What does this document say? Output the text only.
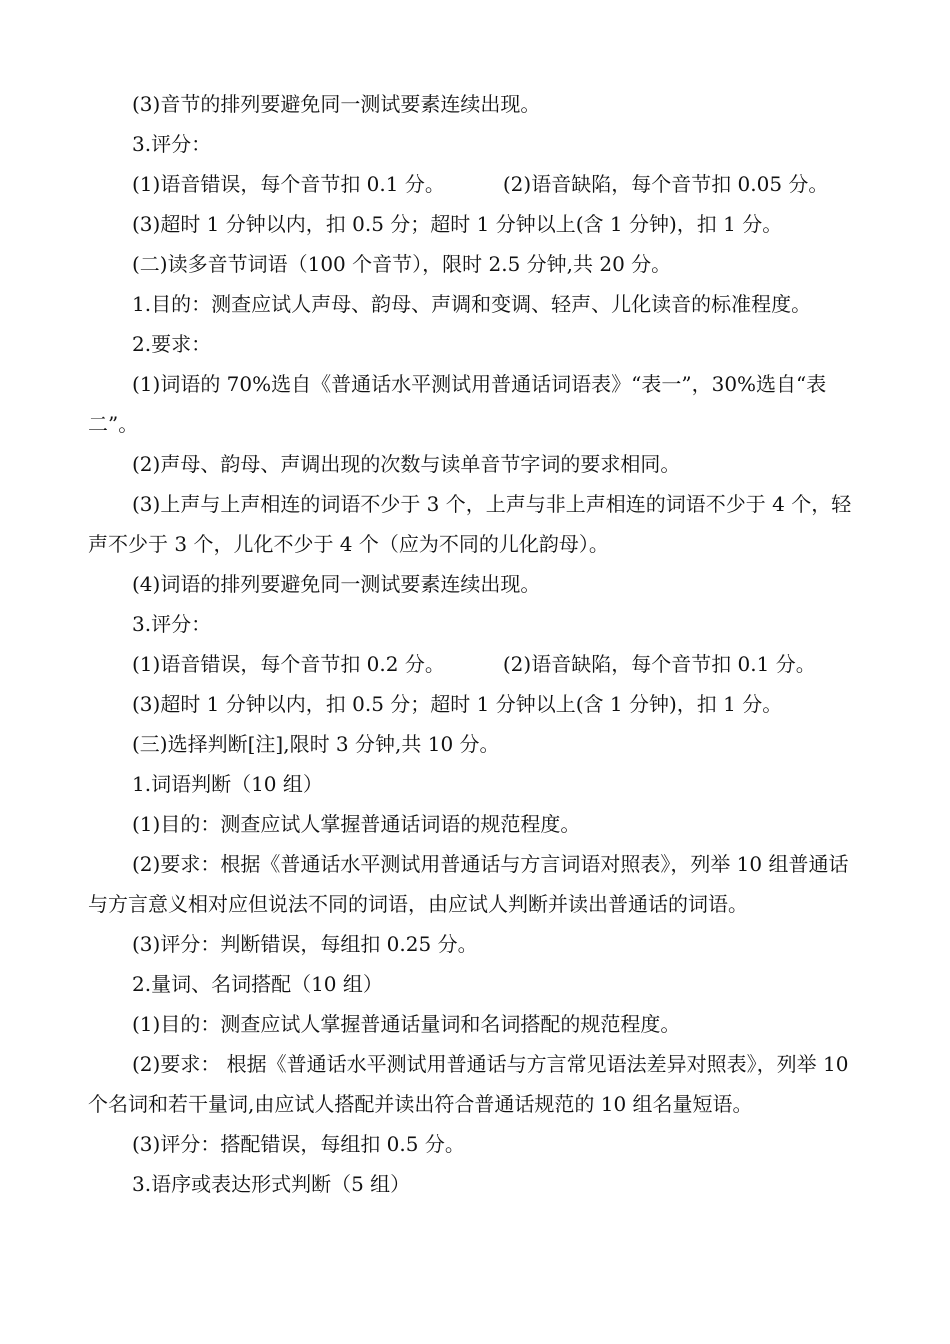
(3)音节的排列要避免同一测试要素连续出现。

3.评分：

(1)语音错误，每个音节扣 0.1 分。	(2)语音缺陷，每个音节扣 0.05 分。

(3)超时 1 分钟以内，扣 0.5 分；超时 1 分钟以上(含 1 分钟)，扣 1 分。

(二)读多音节词语（100 个音节），限时 2.5 分钟,共 20 分。

1.目的：测查应试人声母、韵母、声调和变调、轻声、儿化读音的标准程度。

2.要求：

(1)词语的 70%选自《普通话水平测试用普通话词语表》“表一”，30%选自“表二”。

(2)声母、韵母、声调出现的次数与读单音节字词的要求相同。

(3)上声与上声相连的词语不少于 3 个，上声与非上声相连的词语不少于 4 个，轻声不少于 3 个，儿化不少于 4 个（应为不同的儿化韵母）。

(4)词语的排列要避免同一测试要素连续出现。

3.评分：

(1)语音错误，每个音节扣 0.2 分。	(2)语音缺陷，每个音节扣 0.1 分。

(3)超时 1 分钟以内，扣 0.5 分；超时 1 分钟以上(含 1 分钟)，扣 1 分。

(三)选择判断[注],限时 3 分钟,共 10 分。

1.词语判断（10 组）

(1)目的：测查应试人掌握普通话词语的规范程度。

(2)要求：根据《普通话水平测试用普通话与方言词语对照表》，列举 10 组普通话与方言意义相对应但说法不同的词语，由应试人判断并读出普通话的词语。

(3)评分：判断错误，每组扣 0.25 分。

2.量词、名词搭配（10 组）

(1)目的：测查应试人掌握普通话量词和名词搭配的规范程度。

(2)要求： 根据《普通话水平测试用普通话与方言常见语法差异对照表》，列举 10 个名词和若干量词,由应试人搭配并读出符合普通话规范的 10 组名量短语。

(3)评分：搭配错误，每组扣 0.5 分。

3.语序或表达形式判断（5 组）
